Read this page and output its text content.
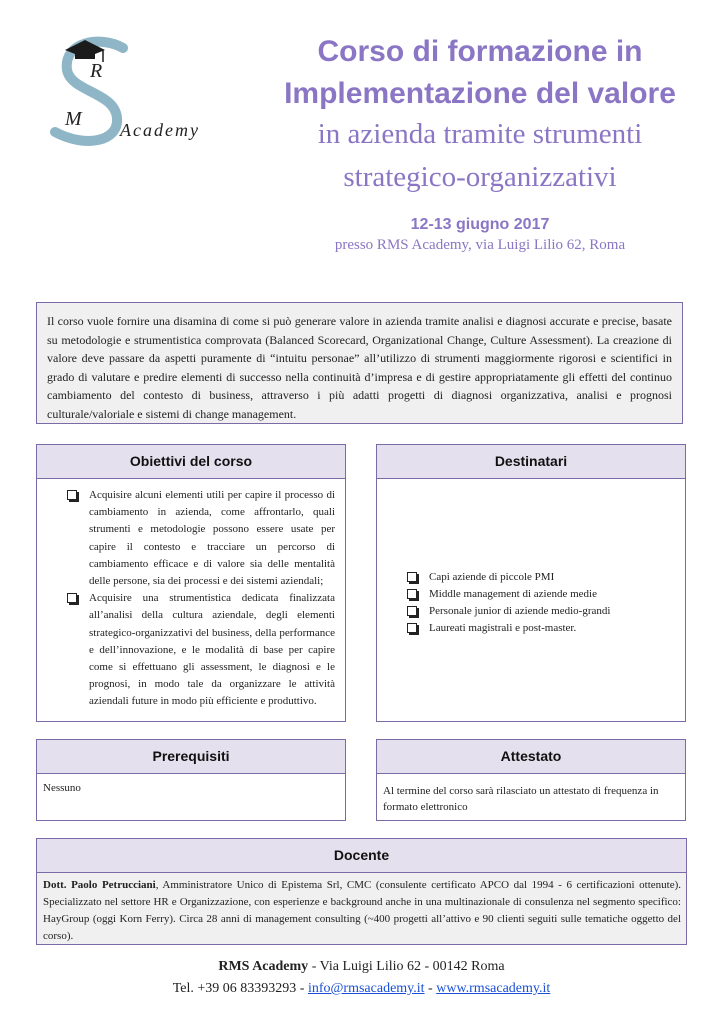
R
M Academy
Corso di formazione in
Implementazione del valore
in azienda tramite strumenti
strategico-organizzativi
12-13 giugno 2017
presso RMS Academy, via Luigi Lilio 62, Roma
Il corso vuole fornire una disamina di come si può generare valore in azienda tramite analisi e diagnosi accurate e precise, basate su metodologie e strumentistica comprovata (Balanced Scorecard, Organizational Change, Culture Assessment). La creazione di valore deve passare da aspetti puramente di “intuitu personae” all’utilizzo di strumenti maggiormente rigorosi e scientifici in grado di valutare e predire elementi di successo nella continuità d’impresa e di gestire appropriatamente gli effetti del continuo cambiamento del contesto di business, attraverso i più adatti progetti di diagnosi organizzativa, analisi e prognosi culturale/valoriale e sistemi di change management.
Obiettivi del corso
Acquisire alcuni elementi utili per capire il processo di cambiamento in azienda, come affrontarlo, quali strumenti e metodologie possono essere usate per capire il contesto e tracciare un percorso di cambiamento efficace e di valore sia delle mentalità delle persone, sia dei processi e dei sistemi aziendali;
Acquisire una strumentistica dedicata finalizzata all’analisi della cultura aziendale, degli elementi strategico-organizzativi del business, della performance e dell’innovazione, e le modalità di base per capire come si effettuano gli assessment, le diagnosi e le prognosi, in modo tale da organizzare le attività aziendali future in modo più efficiente e produttivo.
Destinatari
Capi aziende di piccole PMI
Middle management di aziende medie
Personale junior di aziende medio-grandi
Laureati magistrali e post-master.
Prerequisiti
Nessuno
Attestato
Al termine del corso sarà rilasciato un attestato di frequenza in formato elettronico
Docente
Dott. Paolo Petrucciani, Amministratore Unico di Epistema Srl, CMC (consulente certificato APCO dal 1994 - 6 certificazioni ottenute). Specializzato nel settore HR e Organizzazione, con esperienze e background anche in una multinazionale di consulenza nel segmento specifico: HayGroup (oggi Korn Ferry). Circa 28 anni di management consulting (~400 progetti all’attivo e 90 clienti seguiti sulle tematiche oggetto del corso).
RMS Academy - Via Luigi Lilio 62 - 00142 Roma
Tel. +39 06 83393293 - info@rmsacademy.it - www.rmsacademy.it
